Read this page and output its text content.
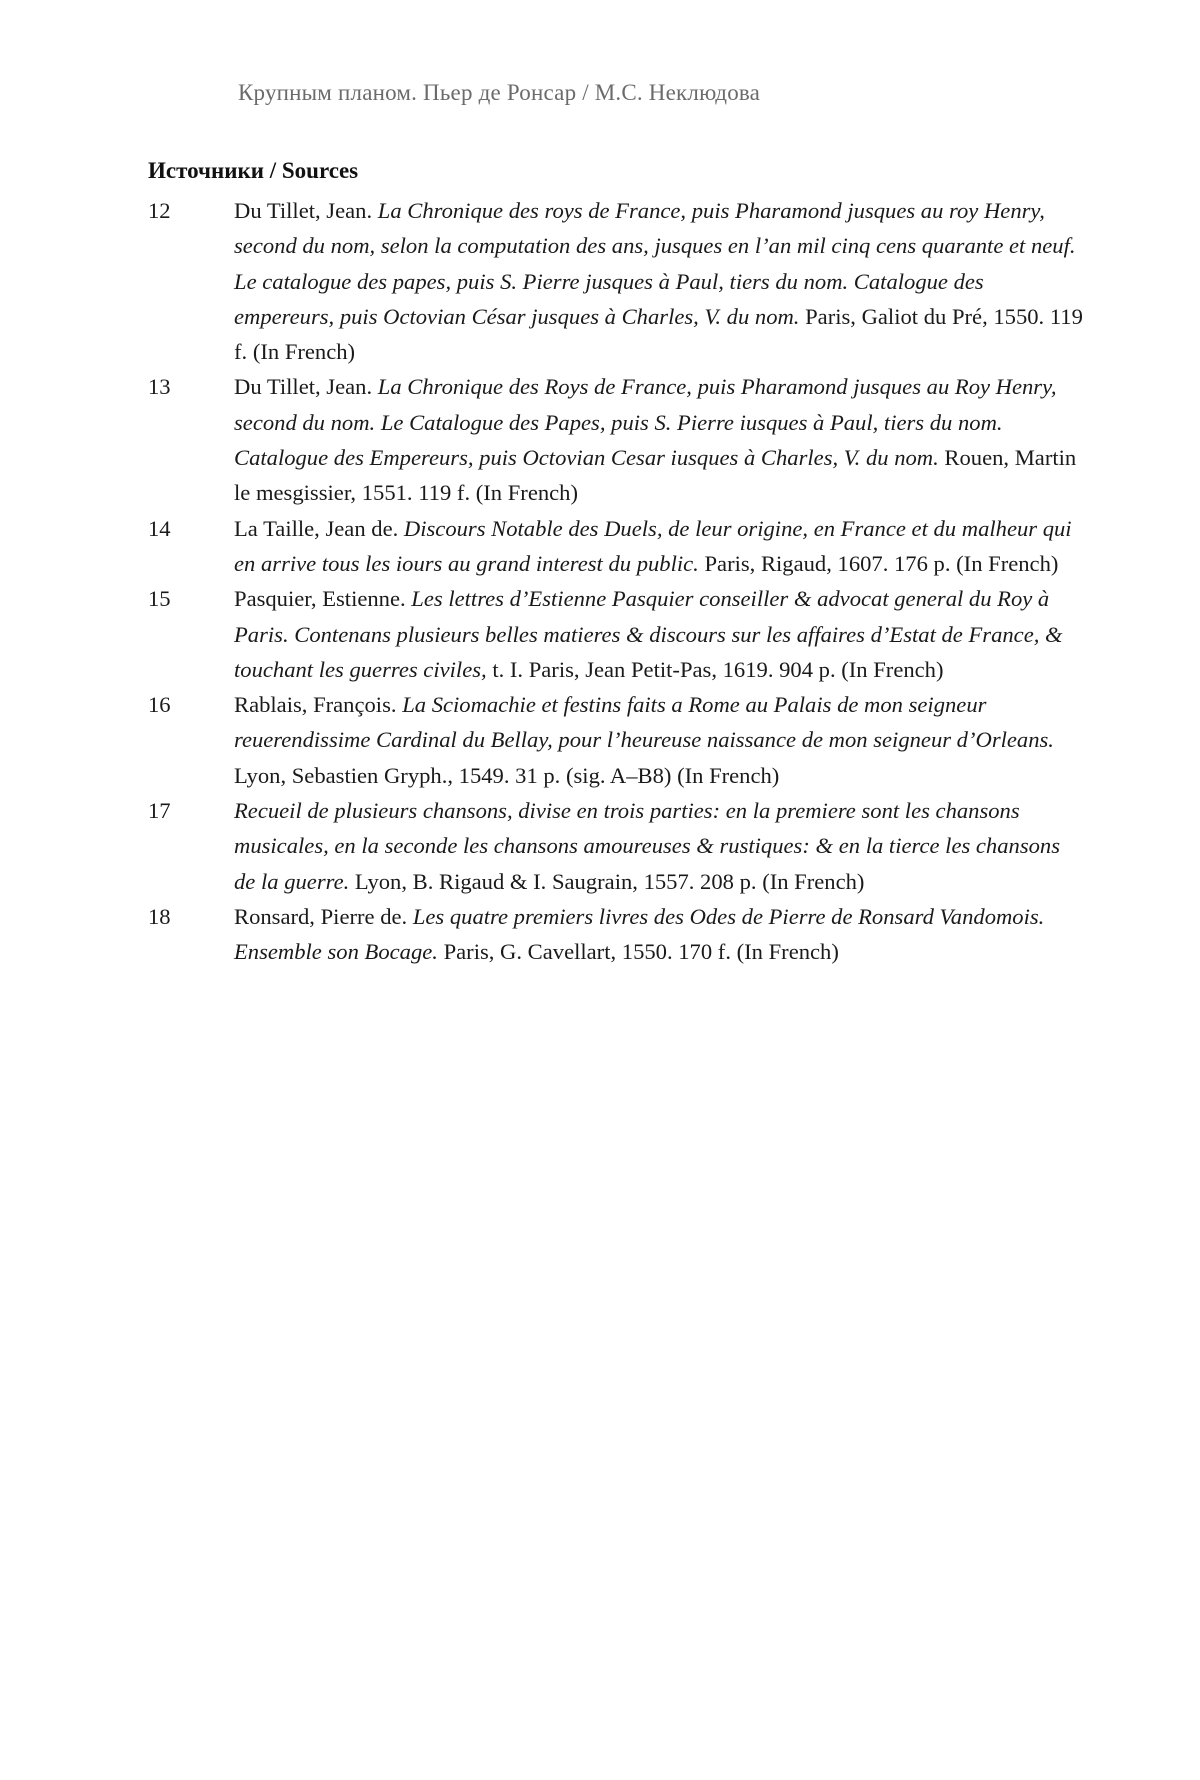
Крупным планом. Пьер де Ронсар / М.С. Неклюдова
Источники / Sources
12	Du Tillet, Jean. La Chronique des roys de France, puis Pharamond jusques au roy Henry, second du nom, selon la computation des ans, jusques en l’an mil cinq cens quarante et neuf. Le catalogue des papes, puis S. Pierre jusques à Paul, tiers du nom. Catalogue des empereurs, puis Octovian César jusques à Charles, V. du nom. Paris, Galiot du Pré, 1550. 119 f. (In French)
13	Du Tillet, Jean. La Chronique des Roys de France, puis Pharamond jusques au Roy Henry, second du nom. Le Catalogue des Papes, puis S. Pierre iusques à Paul, tiers du nom. Catalogue des Empereurs, puis Octovian Cesar iusques à Charles, V. du nom. Rouen, Martin le mesgissier, 1551. 119 f. (In French)
14	La Taille, Jean de. Discours Notable des Duels, de leur origine, en France et du malheur qui en arrive tous les iours au grand interest du public. Paris, Rigaud, 1607. 176 p. (In French)
15	Pasquier, Estienne. Les lettres d’Estienne Pasquier conseiller & advocat general du Roy à Paris. Contenans plusieurs belles matieres & discours sur les affaires d’Estat de France, & touchant les guerres civiles, t. I. Paris, Jean Petit-Pas, 1619. 904 p. (In French)
16	Rablais, François. La Sciomachie et festins faits a Rome au Palais de mon seigneur reuerendissime Cardinal du Bellay, pour l’heureuse naissance de mon seigneur d’Orleans. Lyon, Sebastien Gryph., 1549. 31 p. (sig. A–B8) (In French)
17	Recueil de plusieurs chansons, divise en trois parties: en la premiere sont les chansons musicales, en la seconde les chansons amoureuses & rustiques: & en la tierce les chansons de la guerre. Lyon, B. Rigaud & I. Saugrain, 1557. 208 p. (In French)
18	Ronsard, Pierre de. Les quatre premiers livres des Odes de Pierre de Ronsard Vandomois. Ensemble son Bocage. Paris, G. Cavellart, 1550. 170 f. (In French)
